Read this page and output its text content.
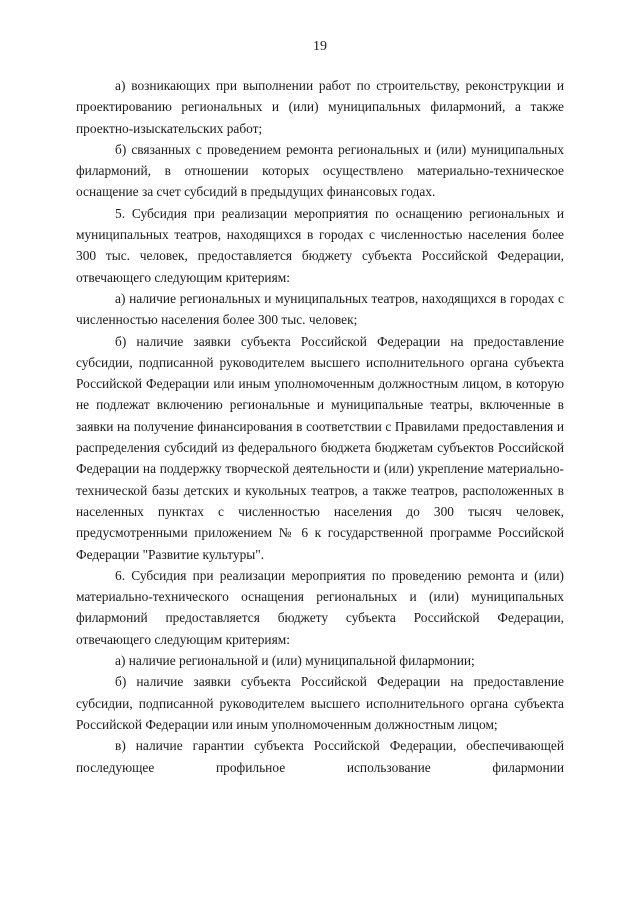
19

а) возникающих при выполнении работ по строительству, реконструкции и проектированию региональных и (или) муниципальных филармоний, а также проектно-изыскательских работ;

б) связанных с проведением ремонта региональных и (или) муниципальных филармоний, в отношении которых осуществлено материально-техническое оснащение за счет субсидий в предыдущих финансовых годах.

5. Субсидия при реализации мероприятия по оснащению региональных и муниципальных театров, находящихся в городах с численностью населения более 300 тыс. человек, предоставляется бюджету субъекта Российской Федерации, отвечающего следующим критериям:

а) наличие региональных и муниципальных театров, находящихся в городах с численностью населения более 300 тыс. человек;

б) наличие заявки субъекта Российской Федерации на предоставление субсидии, подписанной руководителем высшего исполнительного органа субъекта Российской Федерации или иным уполномоченным должностным лицом, в которую не подлежат включению региональные и муниципальные театры, включенные в заявки на получение финансирования в соответствии с Правилами предоставления и распределения субсидий из федерального бюджета бюджетам субъектов Российской Федерации на поддержку творческой деятельности и (или) укрепление материально-технической базы детских и кукольных театров, а также театров, расположенных в населенных пунктах с численностью населения до 300 тысяч человек, предусмотренными приложением № 6 к государственной программе Российской Федерации "Развитие культуры".

6. Субсидия при реализации мероприятия по проведению ремонта и (или) материально-технического оснащения региональных и (или) муниципальных филармоний предоставляется бюджету субъекта Российской Федерации, отвечающего следующим критериям:

а) наличие региональной и (или) муниципальной филармонии;

б) наличие заявки субъекта Российской Федерации на предоставление субсидии, подписанной руководителем высшего исполнительного органа субъекта Российской Федерации или иным уполномоченным должностным лицом;

в) наличие гарантии субъекта Российской Федерации, обеспечивающей последующее профильное использование филармонии
